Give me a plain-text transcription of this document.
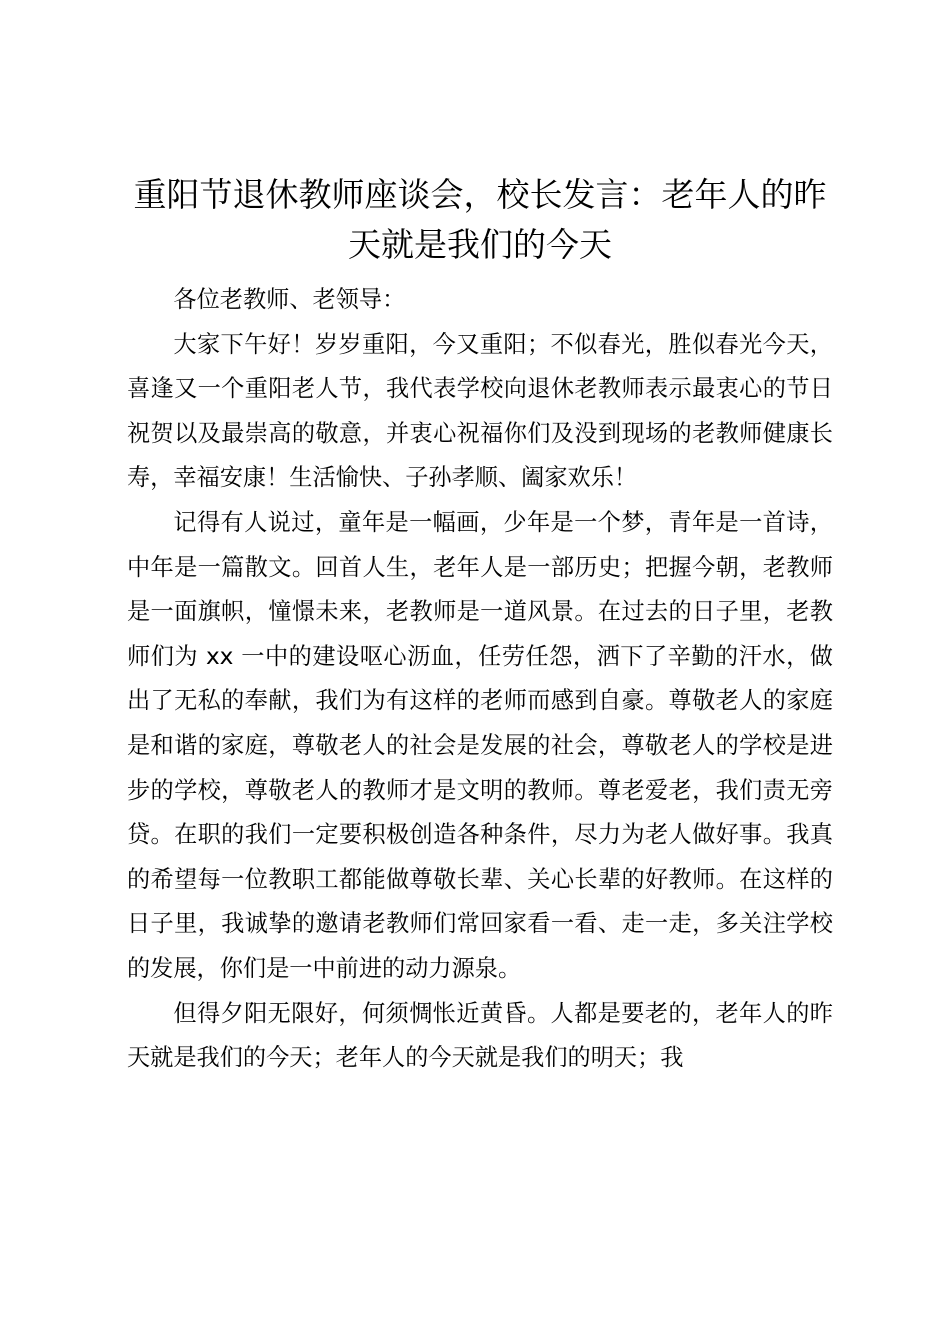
重阳节退休教师座谈会，校长发言：老年人的昨天就是我们的今天

各位老教师、老领导：

大家下午好！岁岁重阳，今又重阳；不似春光，胜似春光今天，喜逢又一个重阳老人节，我代表学校向退休老教师表示最衷心的节日祝贺以及最崇高的敬意，并衷心祝福你们及没到现场的老教师健康长寿，幸福安康！生活愉快、子孙孝顺、阖家欢乐！

记得有人说过，童年是一幅画，少年是一个梦，青年是一首诗，中年是一篇散文。回首人生，老年人是一部历史；把握今朝，老教师是一面旗帜，憧憬未来，老教师是一道风景。在过去的日子里，老教师们为 xx 一中的建设呕心沥血，任劳任怨，洒下了辛勤的汗水，做出了无私的奉献，我们为有这样的老师而感到自豪。尊敬老人的家庭是和谐的家庭，尊敬老人的社会是发展的社会，尊敬老人的学校是进步的学校，尊敬老人的教师才是文明的教师。尊老爱老，我们责无旁贷。在职的我们一定要积极创造各种条件，尽力为老人做好事。我真的希望每一位教职工都能做尊敬长辈、关心长辈的好教师。在这样的日子里，我诚挚的邀请老教师们常回家看一看、走一走，多关注学校的发展，你们是一中前进的动力源泉。

但得夕阳无限好，何须惆怅近黄昏。人都是要老的，老年人的昨天就是我们的今天；老年人的今天就是我们的明天；我
